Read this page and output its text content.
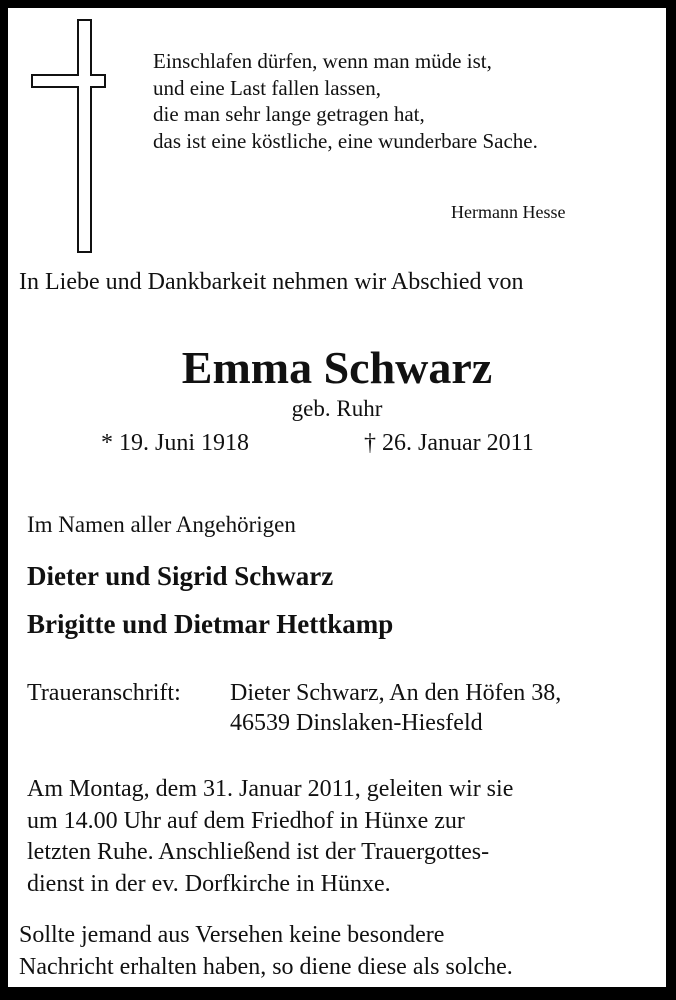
Einschlafen dürfen, wenn man müde ist,
und eine Last fallen lassen,
die man sehr lange getragen hat,
das ist eine köstliche, eine wunderbare Sache.
Hermann Hesse
In Liebe und Dankbarkeit nehmen wir Abschied von
Emma Schwarz
geb. Ruhr
* 19. Juni 1918	† 26. Januar 2011
Im Namen aller Angehörigen
Dieter und Sigrid Schwarz
Brigitte und Dietmar Hettkamp
Traueranschrift: Dieter Schwarz, An den Höfen 38,
46539 Dinslaken-Hiesfeld
Am Montag, dem 31. Januar 2011, geleiten wir sie
um 14.00 Uhr auf dem Friedhof in Hünxe zur
letzten Ruhe. Anschließend ist der Trauergottes-
dienst in der ev. Dorfkirche in Hünxe.
Sollte jemand aus Versehen keine besondere
Nachricht erhalten haben, so diene diese als solche.
